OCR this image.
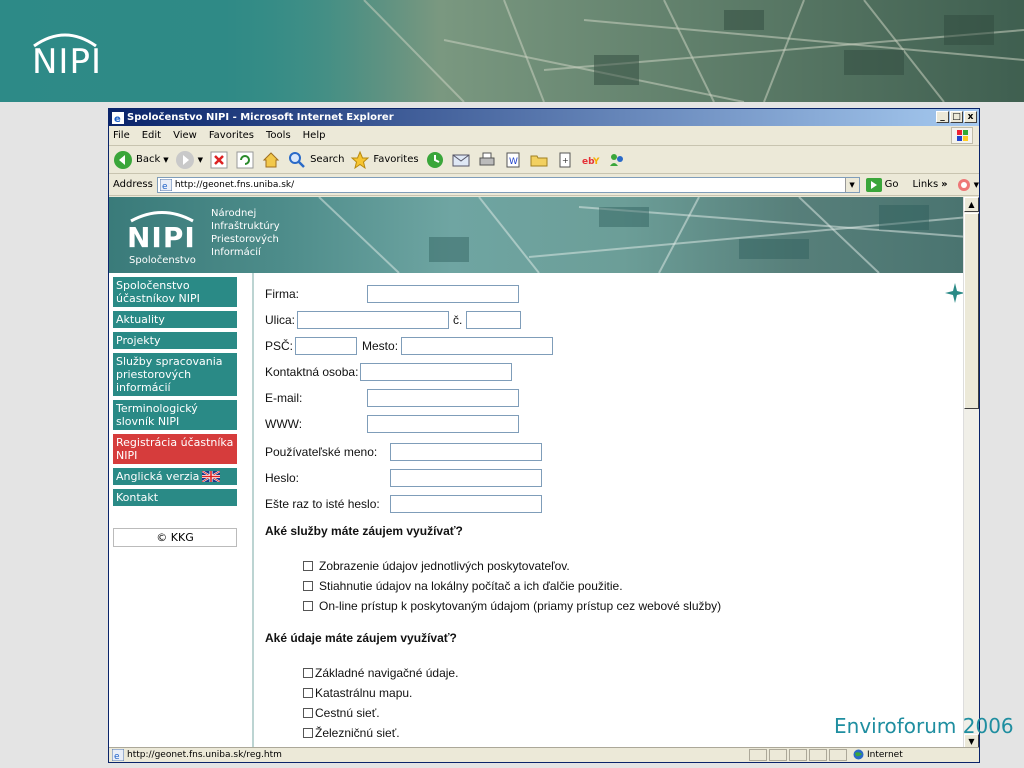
NIPI
e Spoločenstvo NIPI - Microsoft Internet Explorer	_ □ x
File Edit View Favorites Tools Help
Back ▼	▼	Search	Favorites	W	+ eb
Y
Address e http://geonet.fns.uniba.sk/	▼	Go Links »	▼
NIPI
Spoločenstvo
Národnej
Infraštruktúry
Priestorových
Informácií
Spoločenstvo účastníkov NIPI
Aktuality
Projekty
Služby spracovania priestorových informácií
Terminologický slovník NIPI
Registrácia účastníka NIPI
Anglická verzia
Kontakt
© KKG
Firma:
Ulica:	č.
PSČ:	Mesto:
Kontaktná osoba:
E-mail:
WWW:
Používateľské meno:
Heslo:
Ešte raz to isté heslo:
Aké služby máte záujem využívať?
Zobrazenie údajov jednotlivých poskytovateľov.
Stiahnutie údajov na lokálny počítač a ich ďalčie použitie.
On-line prístup k poskytovaným údajom (priamy prístup cez webové služby)
Aké údaje máte záujem využívať?
Základné navigačné údaje.
Katastrálnu mapu.
Cestnú sieť.
Železničnú sieť.
▲
▼
e http://geonet.fns.uniba.sk/reg.htm	Internet
Enviroforum 2006
